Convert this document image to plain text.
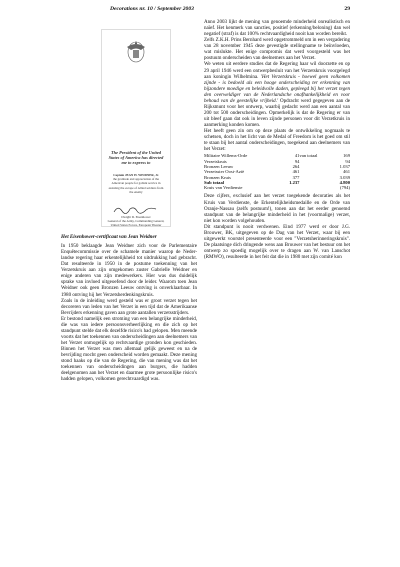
Decorations nr. 10 / September 2003	29
The President of the United States of America has directed me to express to
Captain JEAN H. WEIDNER, Jr.
the gratitude and appreciation of the American people for gallant service in assisting the escape of Allied soldiers from the enemy
Dwight D. Eisenhower
General of the Army, Commanding General, United States Forces, European Theater
Het Eisenhower-certificaat van Jean Weidner

In 1950 beklaagde Jean Weidner zich voor de Parlementaire Enquêtecommissie over de schamele manier waarop de Neder-landse regering haar erkentelijkheid tot uitdrukking had gebracht. Dat resulteerde in 1950 in de postume toekenning van het Verzetskruis aan zijn omgekomen zuster Gabrielle Weidner en enige anderen van zijn medewerkers. Hier was dus duidelijk sprake van invloed uitgeoefend door de leider. Waarom toen Jean Weidner ook geen Bronzen Leeuw ontving is onverklaarbaar. In 1980 ontving hij het Verzetsherdenkingskruis.

Zoals in de inleiding werd gesteld was er groot verzet tegen het decoreren van leden van het Verzet in een tijd dat de Amerikaanse Bevrijders erkenning gaven aan grote aantallen verzetsstrijders.

Er bestond namelijk een stroming van een belangrijke minderheid, die was van iedere persoonsverheerlijking en die zich op het standpunt stelde dat elk dezelfde risico's had gelopen. Men meende voorts dat het toekennen van onderscheidingen aan deelnemers van het Verzet onmogelijk op rechtvaardige gronden kon geschieden. Binnen het Verzet was men allemaal gelijk geweest en na de bevrijding mocht geen onderscheid worden gemaakt. Deze mening stond haaks op die van de Regering, die van mening was dat het toekennen van onderscheidingen aan burgers, die hadden deelgenomen aan het Verzet en daarmee grote persoonlijke risico's hadden gelopen, volkomen gerechtvaardigd was.

Anno 2003 lijkt de mening van genoemde minderheid onrealistisch en naïef. Het kenmerk van sancties, positief (erkenning/beloning) dan wel negatief (straf) is dat 100% rechtvaardigheid nooit kan worden bereikt.

Zelfs Z.K.H. Prins Bernhard werd opgetrommeld om in een vergadering van 28 november 1945 deze gevestigde stellingname te beïnvloeden, wat mislukte. Het enige compromis dat werd voorgesteld was het postuum onderscheiden van deelnemers aan het Verzet.

We weten uit eerdere studies dat de Regering haar wil doorzette en op 29 april 1946 werd een ontwerpbesluit van het Verzetskruis voorgelegd aan koningin Wilhelmina. 'Het Verzetskruis - hoewel geen volkomen zijnde - is bedoeld als een hooge onderscheiding ter erkenning van bijzondere moedige en beleidvolle daden, gepleegd bij het verzet tegen den overweldiger van de Nederlandsche onafhankelijkheid en voor behoud van de geestelijke vrijheid.' Opdracht werd gegegeven aan de Rijksmunt voor het ontwerp, waarbij gedacht werd aan een aantal van 200 tot 500 onderscheidingen. Opmerkelijk is dat de Regering er van uit bleef gaan dat ook in leven zijnde personen voor dit Verzetkruis in aanmerking konden komen.

Het heeft geen zin om op deze plaats de ontwikkeling nogmaals te schetsen, doch in het licht van de Medal of Freedom is het goed om stil te staan bij het aantal onderscheidingen, toegekend aan deelnemers van het Verzet:

Militaire Willems-Orde	41	van totaal	169
Verzetskruis	94		94
Bronzen Leeuw	264		1.037
Verzetsster Oost-Azië	461		461
Bronzen Kruis	377		3.039
Sub totaal	1.237		4.800
Kruis van Verdienste			(794)

Deze cijfers, exclusief aan het verzet toegekende decoraties als het Kruis van Verdienste, de Erkentelijkheidsmedaille en de Orde van Oranje-Nassau (zelfs postuum!), tonen aan dat het eerder genoemd standpunt van de belangrijke minderheid in het (voormalige) verzet, niet kon worden volgehouden.

Dit standpunt is nooit verdwenen. Eind 1977 werd er door J.G. Brouwer, BK, uitgegeven op de Dag van het Verzet, waar bij een uitgewerkt voorstel presenteerde voor een "Verzetsherinneringskruis". De plaatsinge dich dringende wens aan Brouwer van het bestuur om het ontwerp zo spoedig mogelijk over te dragen aan W. van Lanschot (RMWO), resulteerde in het feit dat die in 1980 met zijn comité kon
